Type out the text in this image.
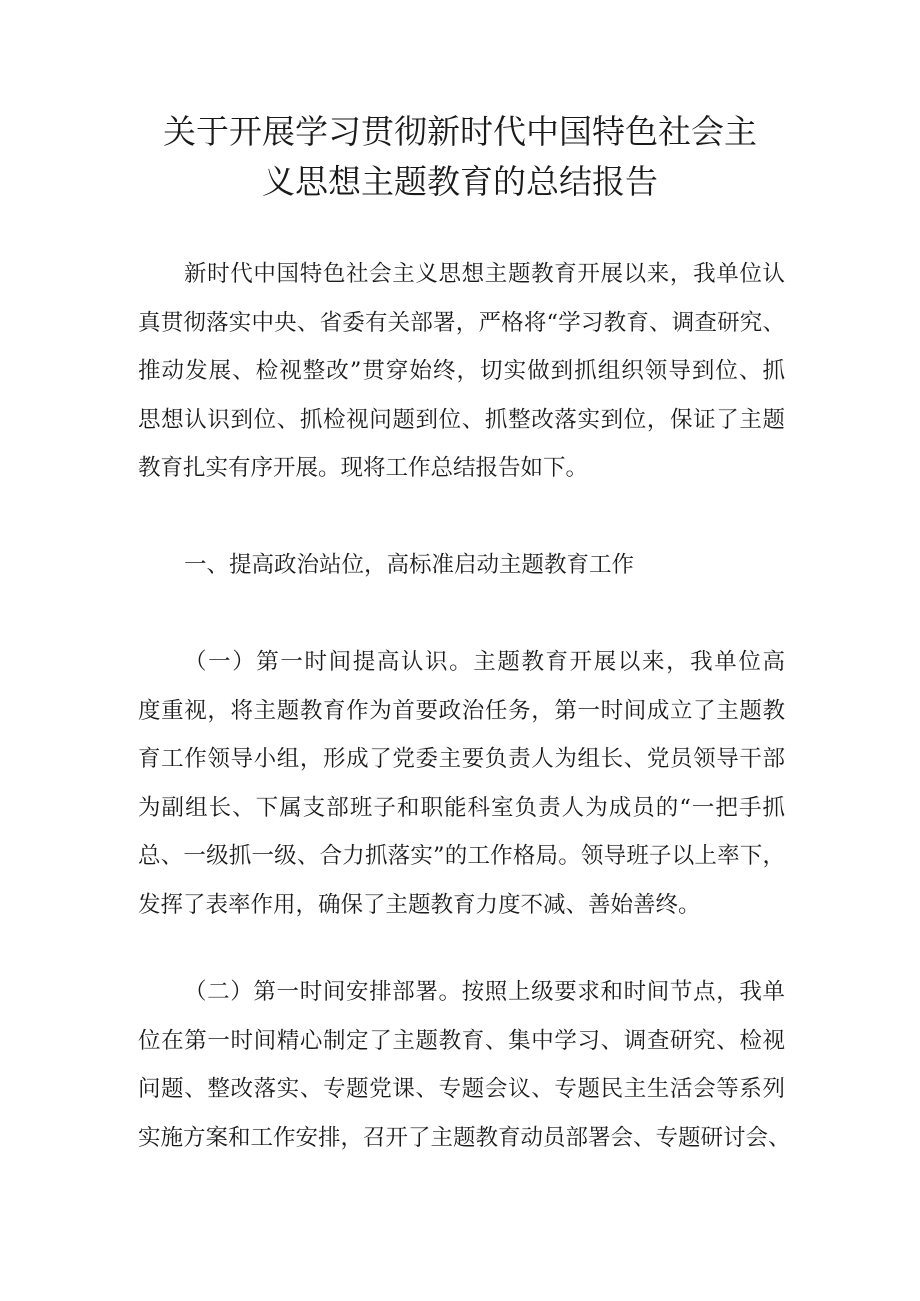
关于开展学习贯彻新时代中国特色社会主
义思想主题教育的总结报告
新时代中国特色社会主义思想主题教育开展以来，我单位认
真贯彻落实中央、省委有关部署，严格将“学习教育、调查研究、
推动发展、检视整改”贯穿始终，切实做到抓组织领导到位、抓
思想认识到位、抓检视问题到位、抓整改落实到位，保证了主题
教育扎实有序开展。现将工作总结报告如下。
一、提高政治站位，高标准启动主题教育工作
（一）第一时间提高认识。主题教育开展以来，我单位高
度重视，将主题教育作为首要政治任务，第一时间成立了主题教
育工作领导小组，形成了党委主要负责人为组长、党员领导干部
为副组长、下属支部班子和职能科室负责人为成员的“一把手抓
总、一级抓一级、合力抓落实”的工作格局。领导班子以上率下，
发挥了表率作用，确保了主题教育力度不减、善始善终。
（二）第一时间安排部署。按照上级要求和时间节点，我单
位在第一时间精心制定了主题教育、集中学习、调查研究、检视
问题、整改落实、专题党课、专题会议、专题民主生活会等系列
实施方案和工作安排，召开了主题教育动员部署会、专题研讨会、
